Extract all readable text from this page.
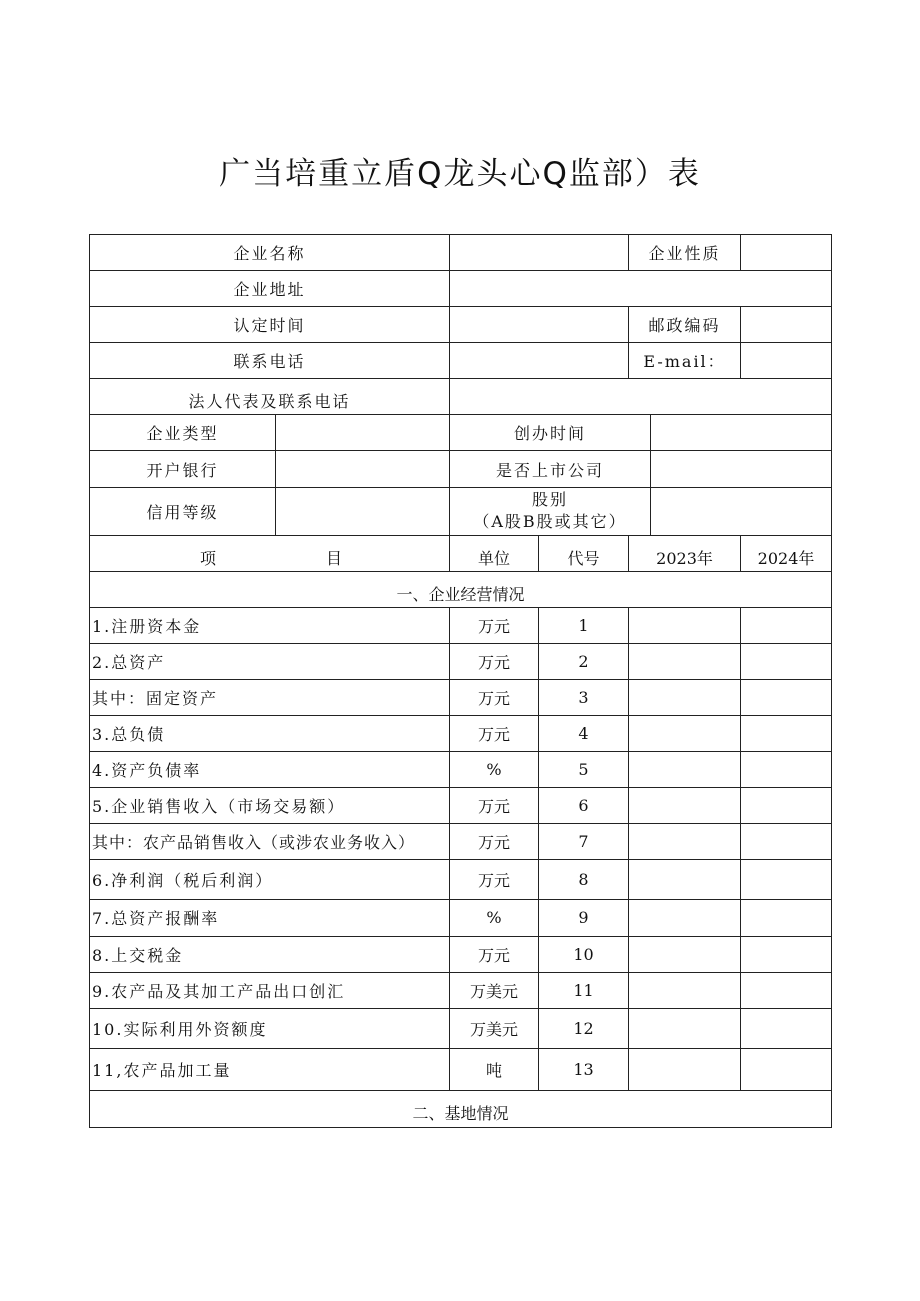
广当培重立盾Q龙头心Q监部）表
企业名称				企业性质		
企业地址						
认定时间				邮政编码		
联系电话				E-mail：		
法人代表及联系电话						
企业类型		创办时间				
开户银行		是否上市公司				
信用等级		股别
（A股B股或其它）				
项 目		单位	代号	2023年		2024年
一、企业经营情况						
1.注册资本金		万元	1			
2.总资产		万元	2			
其中：固定资产		万元	3			
3.总负债		万元	4			
4.资产负债率		%	5			
5.企业销售收入（市场交易额）		万元	6			
其中：农产品销售收入（或涉农业务收入）		万元	7			
6.净利润（税后利润）		万元	8			
7.总资产报酬率		%	9			
8.上交税金		万元	10			
9.农产品及其加工产品出口创汇		万美元	11			
10.实际利用外资额度		万美元	12			
11,农产品加工量		吨	13			
二、基地情况						
